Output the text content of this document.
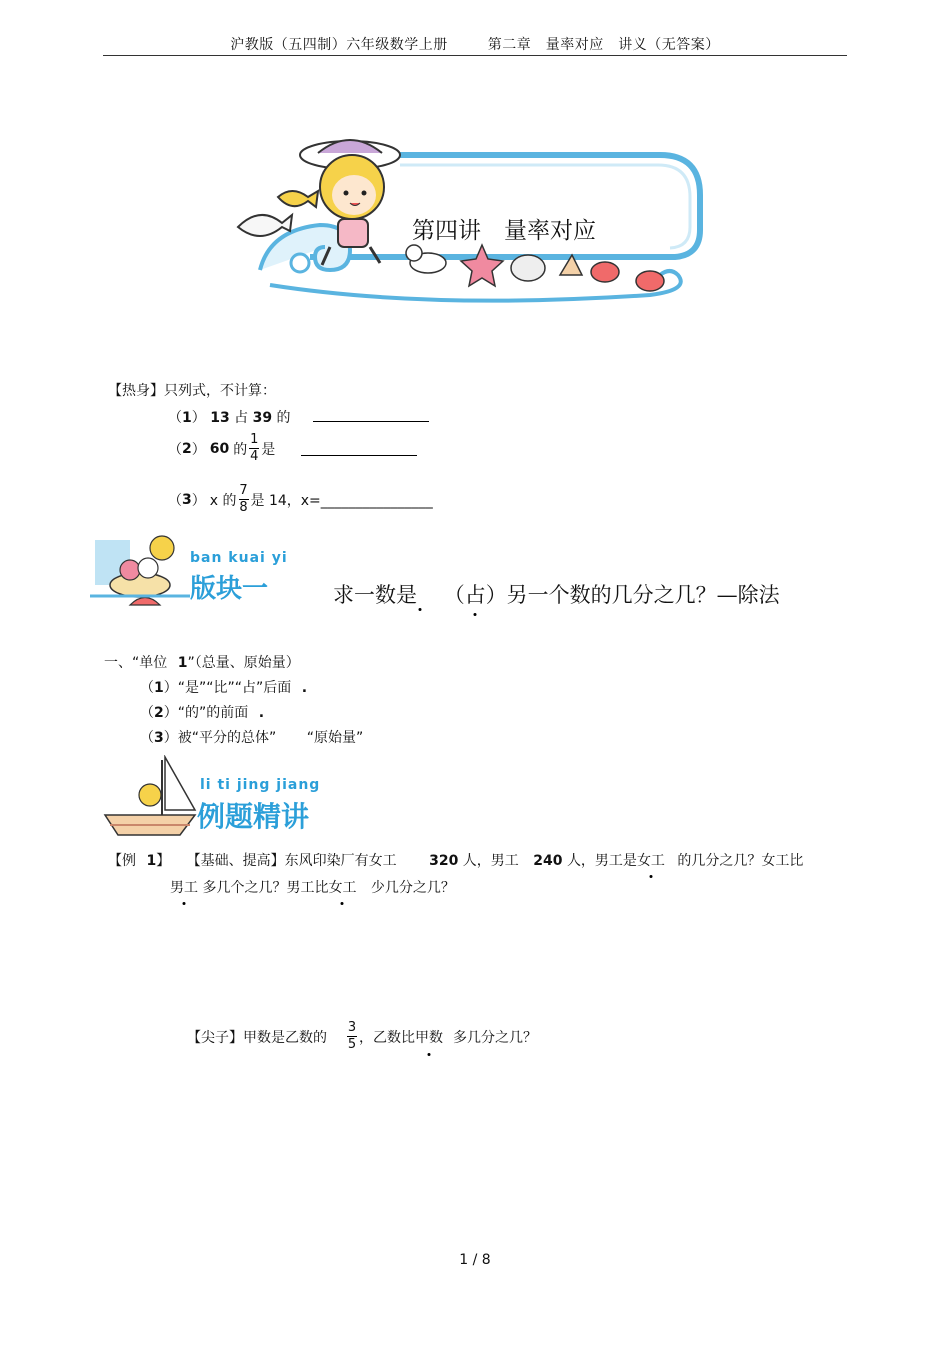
沪教版（五四制）六年级数学上册	第二章　量率对应　讲义（无答案）
第四讲　量率对应
【热身】只列式，不计算：
（1） 13 占 39 的
（ 2 ） 60 的 $\frac{1}{4}$ 是
（ 3 ） x 的 $\frac{7}{8}$ 是 14，x=________________
ban kuai yi
版块一	求一数是 （占）另一个数的几分之几？—除法
一、“单位 1”（总量、原始量）
（1）“是”“比”“占”后面 .
（2）“的”的前面 .
（3）被“平分的总体” “原始量”
li ti jing jiang
例题精讲
【例 1】 【基础、提高】东风印染厂有女工 320 人，男工 240 人，男工是女工 的几分之几？女工比
男工 多几个之几？男工比女工 少几分之几？
【尖子】甲数是乙数的 $\frac{3}{5}$ ，乙数比 甲数 多几分之几？
1 / 8
